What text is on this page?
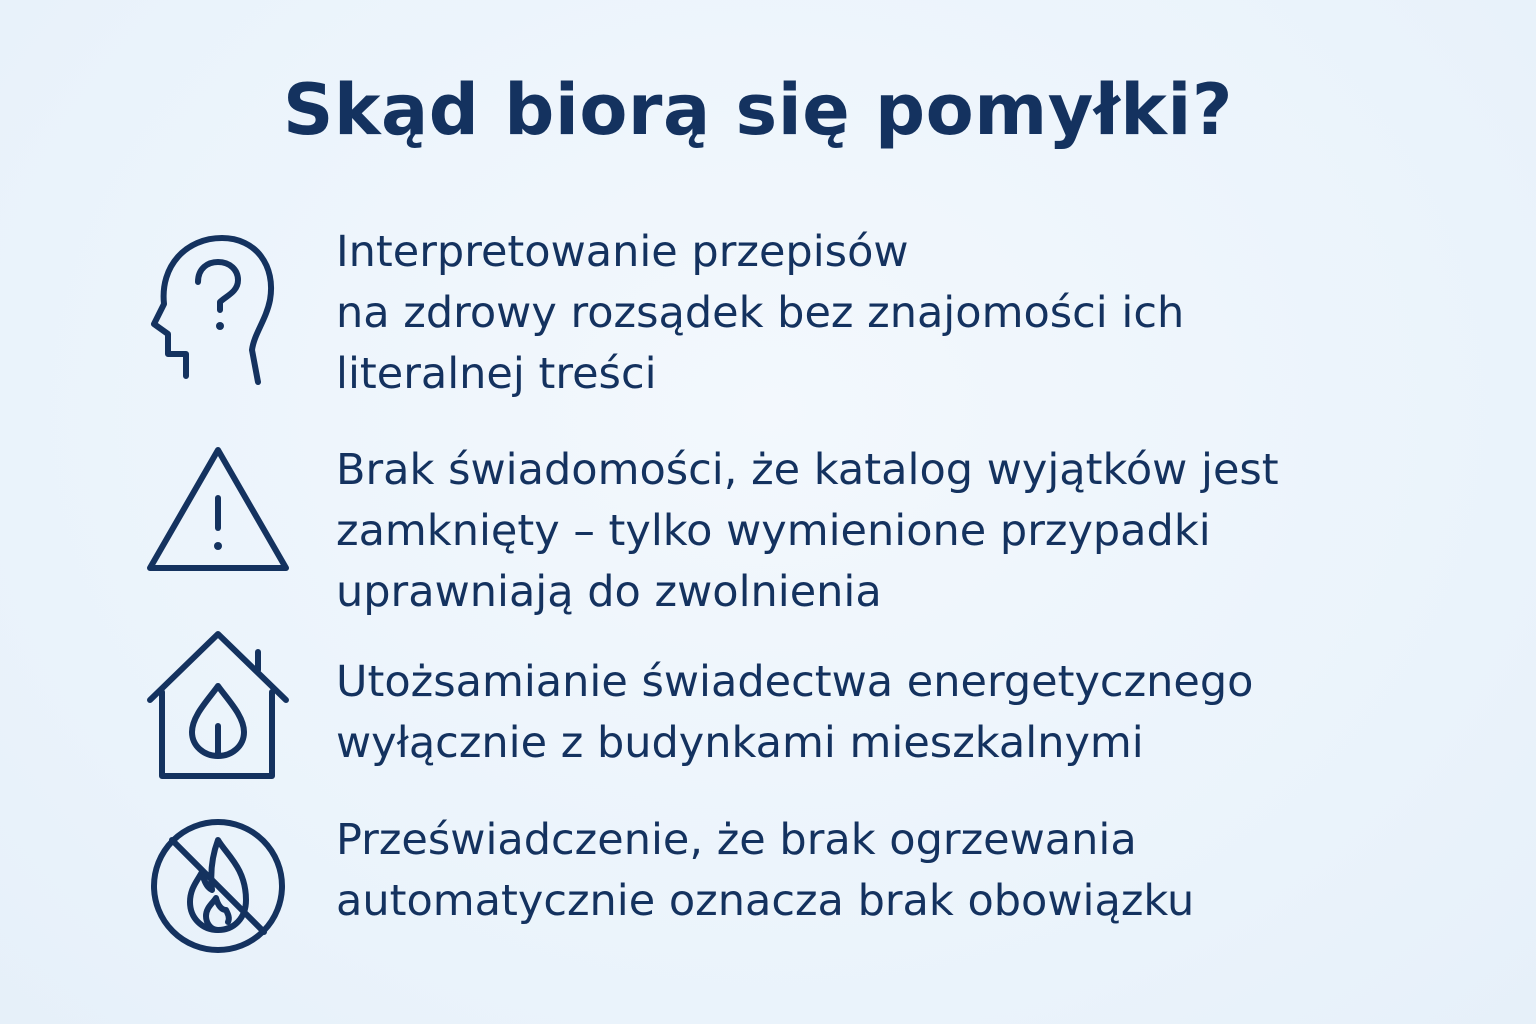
Skąd biorą się pomyłki?
Interpretowanie przepisów
na zdrowy rozsądek bez znajomości ich
literalnej treści
Brak świadomości, że katalog wyjątków jest
zamknięty – tylko wymienione przypadki
uprawniają do zwolnienia
Utożsamianie świadectwa energetycznego
wyłącznie z budynkami mieszkalnymi
Przeświadczenie, że brak ogrzewania
automatycznie oznacza brak obowiązku
